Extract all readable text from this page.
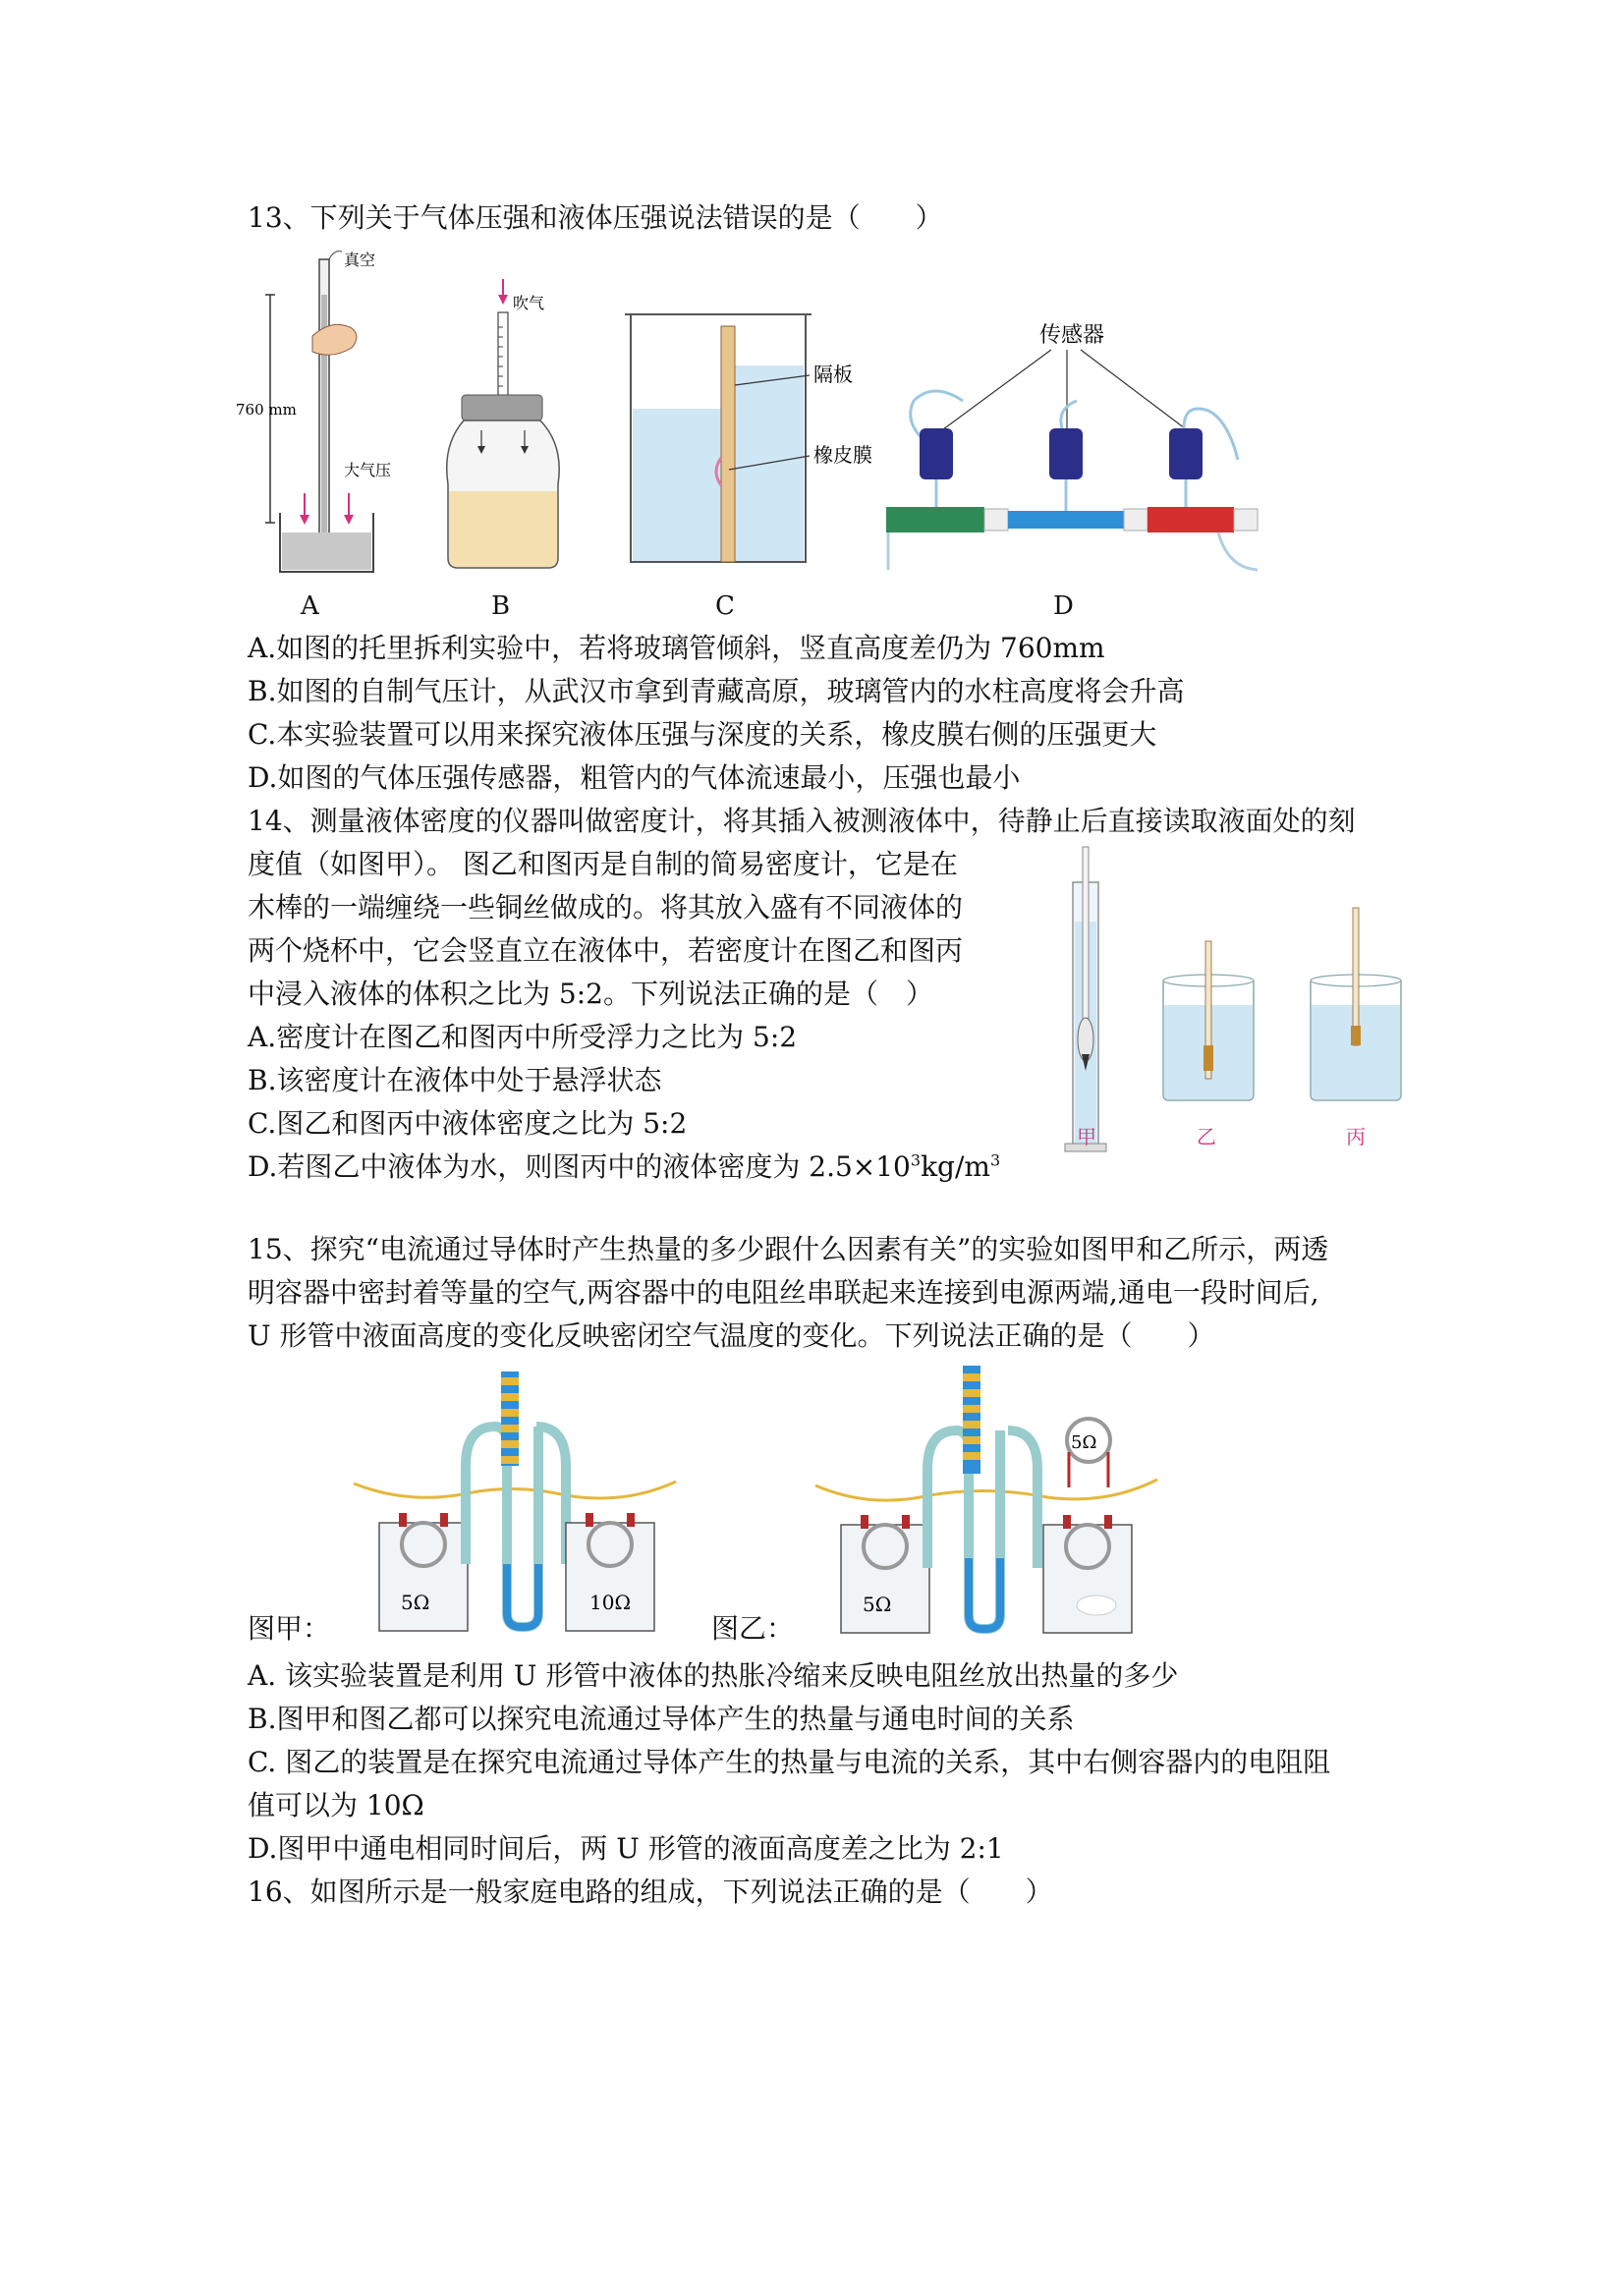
13、下列关于气体压强和液体压强说法错误的是（　　）
760 mm
真空
大气压
A
吹气
B
隔板
橡皮膜
C
传感器
D
A.如图的托里拆利实验中，若将玻璃管倾斜，竖直高度差仍为 760mm
B.如图的自制气压计，从武汉市拿到青藏高原，玻璃管内的水柱高度将会升高
C.本实验装置可以用来探究液体压强与深度的关系，橡皮膜右侧的压强更大
D.如图的气体压强传感器，粗管内的气体流速最小，压强也最小
14、测量液体密度的仪器叫做密度计，将其插入被测液体中，待静止后直接读取液面处的刻
度值（如图甲）。 图乙和图丙是自制的简易密度计，它是在
木棒的一端缠绕一些铜丝做成的。将其放入盛有不同液体的
两个烧杯中，它会竖直立在液体中，若密度计在图乙和图丙
中浸入液体的体积之比为 5:2。下列说法正确的是（　）
A.密度计在图乙和图丙中所受浮力之比为 5:2
B.该密度计在液体中处于悬浮状态
C.图乙和图丙中液体密度之比为 5:2
D.若图乙中液体为水，则图丙中的液体密度为 $2.5\times 10^3kg/m^3$
甲	乙	丙
15、探究“电流通过导体时产生热量的多少跟什么因素有关”的实验如图甲和乙所示，两透
明容器中密封着等量的空气,两容器中的电阻丝串联起来连接到电源两端,通电一段时间后,
U 形管中液面高度的变化反映密闭空气温度的变化。下列说法正确的是（　　）
5Ω	10Ω
5Ω
5Ω
图甲：	图乙：
A. 该实验装置是利用 U 形管中液体的热胀冷缩来反映电阻丝放出热量的多少
B.图甲和图乙都可以探究电流通过导体产生的热量与通电时间的关系
C. 图乙的装置是在探究电流通过导体产生的热量与电流的关系，其中右侧容器内的电阻阻
值可以为 10Ω
D.图甲中通电相同时间后，两 U 形管的液面高度差之比为 2:1
16、如图所示是一般家庭电路的组成，下列说法正确的是（　　）
